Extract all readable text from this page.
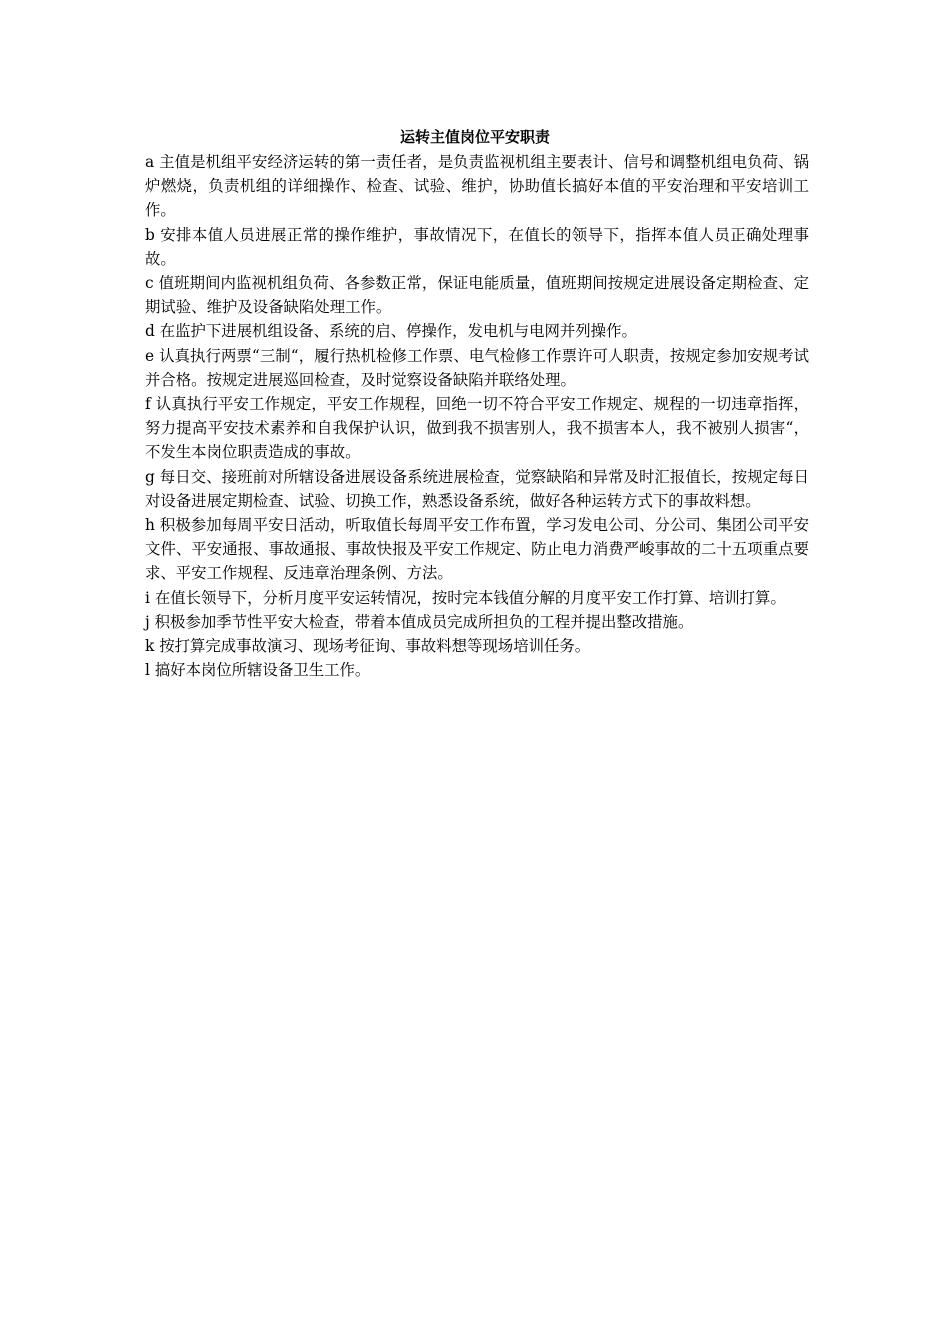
运转主值岗位平安职责

a 主值是机组平安经济运转的第一责任者，是负责监视机组主要表计、信号和调整机组电负荷、锅炉燃烧，负责机组的详细操作、检查、试验、维护，协助值长搞好本值的平安治理和平安培训工作。

b 安排本值人员进展正常的操作维护，事故情况下，在值长的领导下，指挥本值人员正确处理事故。

c 值班期间内监视机组负荷、各参数正常，保证电能质量，值班期间按规定进展设备定期检查、定期试验、维护及设备缺陷处理工作。

d 在监护下进展机组设备、系统的启、停操作，发电机与电网并列操作。

e 认真执行两票“三制“，履行热机检修工作票、电气检修工作票许可人职责，按规定参加安规考试并合格。按规定进展巡回检查，及时觉察设备缺陷并联络处理。

f 认真执行平安工作规定，平安工作规程，回绝一切不符合平安工作规定、规程的一切违章指挥，努力提高平安技术素养和自我保护认识，做到我不损害别人，我不损害本人，我不被别人损害“， 不发生本岗位职责造成的事故。

g 每日交、接班前对所辖设备进展设备系统进展检查，觉察缺陷和异常及时汇报值长，按规定每日对设备进展定期检查、试验、切换工作，熟悉设备系统，做好各种运转方式下的事故料想。

h 积极参加每周平安日活动，听取值长每周平安工作布置，学习发电公司、分公司、集团公司平安文件、平安通报、事故通报、事故快报及平安工作规定、防止电力消费严峻事故的二十五项重点要求、平安工作规程、反违章治理条例、方法。

i 在值长领导下，分析月度平安运转情况，按时完本钱值分解的月度平安工作打算、培训打算。

j 积极参加季节性平安大检查，带着本值成员完成所担负的工程并提出整改措施。

k 按打算完成事故演习、现场考征询、事故料想等现场培训任务。

l 搞好本岗位所辖设备卫生工作。
